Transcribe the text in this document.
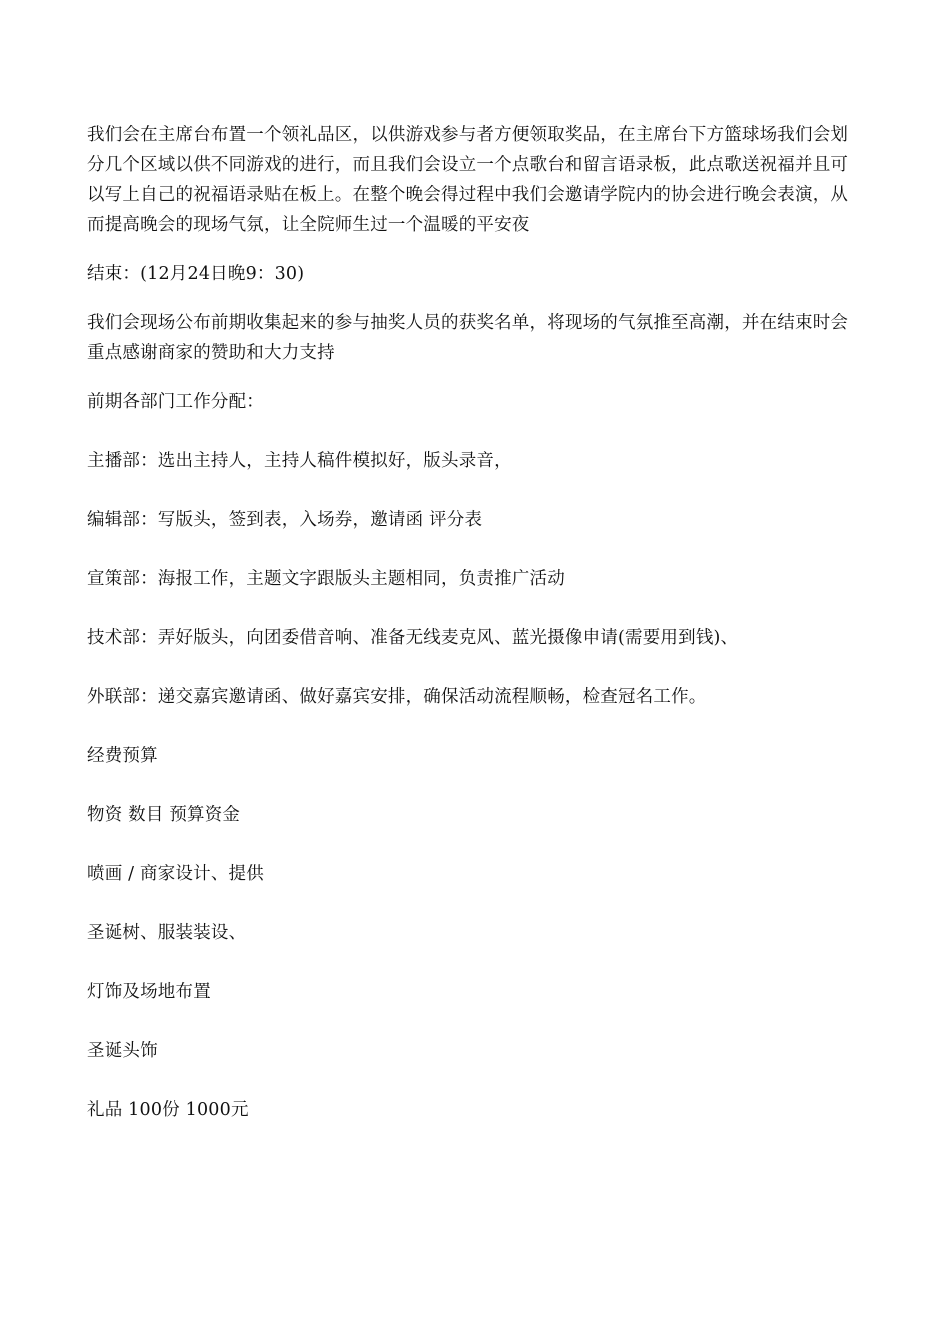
我们会在主席台布置一个领礼品区，以供游戏参与者方便领取奖品，在主席台下方篮球场我们会划分几个区域以供不同游戏的进行，而且我们会设立一个点歌台和留言语录板，此点歌送祝福并且可以写上自己的祝福语录贴在板上。在整个晚会得过程中我们会邀请学院内的协会进行晚会表演，从而提高晚会的现场气氛，让全院师生过一个温暖的平安夜

结束：(12月24日晚9：30)

我们会现场公布前期收集起来的参与抽奖人员的获奖名单，将现场的气氛推至高潮，并在结束时会重点感谢商家的赞助和大力支持

前期各部门工作分配：

主播部：选出主持人，主持人稿件模拟好，版头录音，

编辑部：写版头，签到表，入场券，邀请函 评分表

宣策部：海报工作，主题文字跟版头主题相同，负责推广活动

技术部：弄好版头，向团委借音响、准备无线麦克风、蓝光摄像申请(需要用到钱)、

外联部：递交嘉宾邀请函、做好嘉宾安排，确保活动流程顺畅，检查冠名工作。

经费预算

物资 数目 预算资金

喷画 / 商家设计、提供

圣诞树、服装装设、

灯饰及场地布置

圣诞头饰

礼品 100份 1000元
